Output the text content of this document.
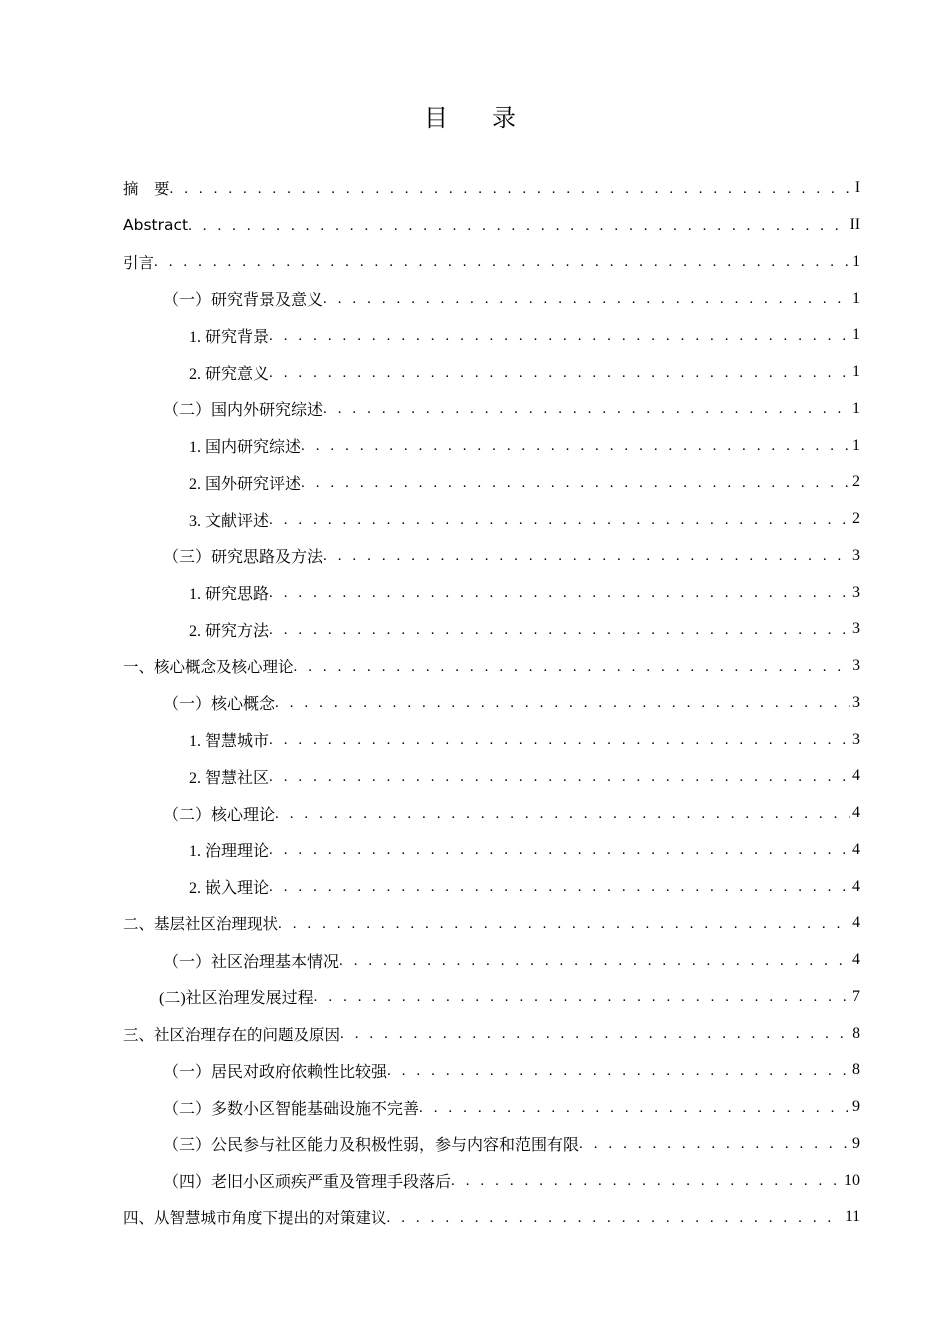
目　录
摘　要 . . .	I
Abstract . . .	II
引言 . . .	1
（一）研究背景及意义 . . .	1
1. 研究背景 . . .	1
2. 研究意义 . . .	1
（二）国内外研究综述 . . .	1
1. 国内研究综述 . . .	1
2. 国外研究评述 . . .	2
3. 文献评述 . . .	2
（三）研究思路及方法 . . .	3
1. 研究思路 . . .	3
2. 研究方法 . . .	3
一、核心概念及核心理论 . . .	3
（一）核心概念 . . .	3
1. 智慧城市 . . .	3
2. 智慧社区 . . .	4
（二）核心理论 . . .	4
1. 治理理论 . . .	4
2. 嵌入理论 . . .	4
二、基层社区治理现状 . . .	4
（一）社区治理基本情况 . . .	4
(二)社区治理发展过程 . . .	7
三、社区治理存在的问题及原因 . . .	8
（一）居民对政府依赖性比较强 . . .	8
（二）多数小区智能基础设施不完善 . . .	9
（三）公民参与社区能力及积极性弱，参与内容和范围有限 . . .	9
（四）老旧小区顽疾严重及管理手段落后 . . .	10
四、从智慧城市角度下提出的对策建议 . . .	11
